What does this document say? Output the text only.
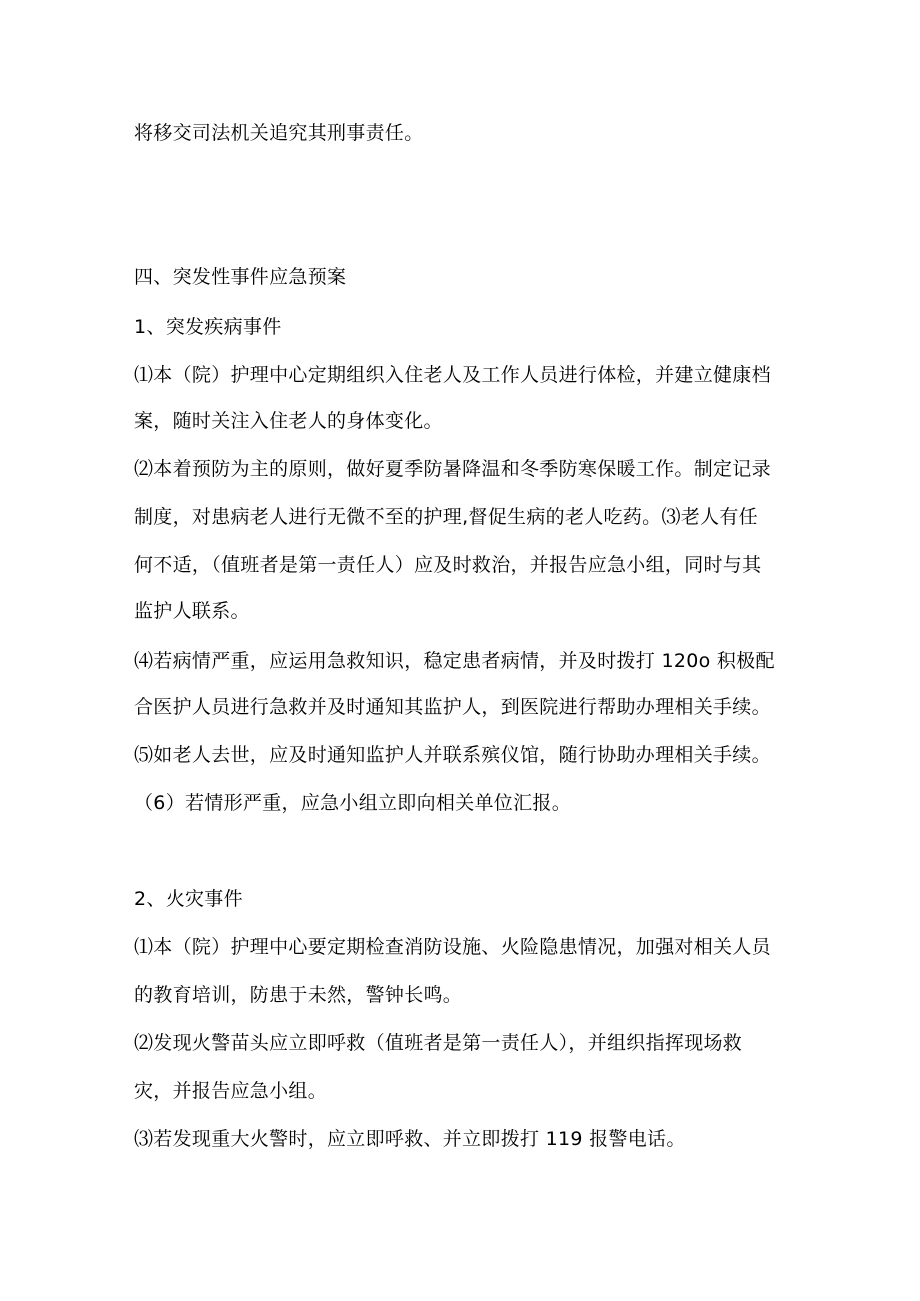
将移交司法机关追究其刑事责任。
四、突发性事件应急预案
1、突发疾病事件
⑴本（院）护理中心定期组织入住老人及工作人员进行体检，并建立健康档
案，随时关注入住老人的身体变化。
⑵本着预防为主的原则，做好夏季防暑降温和冬季防寒保暖工作。制定记录
制度，对患病老人进行无微不至的护理,督促生病的老人吃药。⑶老人有任
何不适，（值班者是第一责任人）应及时救治，并报告应急小组，同时与其
监护人联系。
⑷若病情严重，应运用急救知识，稳定患者病情，并及时拨打 120o 积极配
合医护人员进行急救并及时通知其监护人，到医院进行帮助办理相关手续。
⑸如老人去世，应及时通知监护人并联系殡仪馆，随行协助办理相关手续。
（6）若情形严重，应急小组立即向相关单位汇报。
2、火灾事件
⑴本（院）护理中心要定期检查消防设施、火险隐患情况，加强对相关人员
的教育培训，防患于未然，警钟长鸣。
⑵发现火警苗头应立即呼救（值班者是第一责任人），并组织指挥现场救
灾，并报告应急小组。
⑶若发现重大火警时，应立即呼救、并立即拨打 119 报警电话。
